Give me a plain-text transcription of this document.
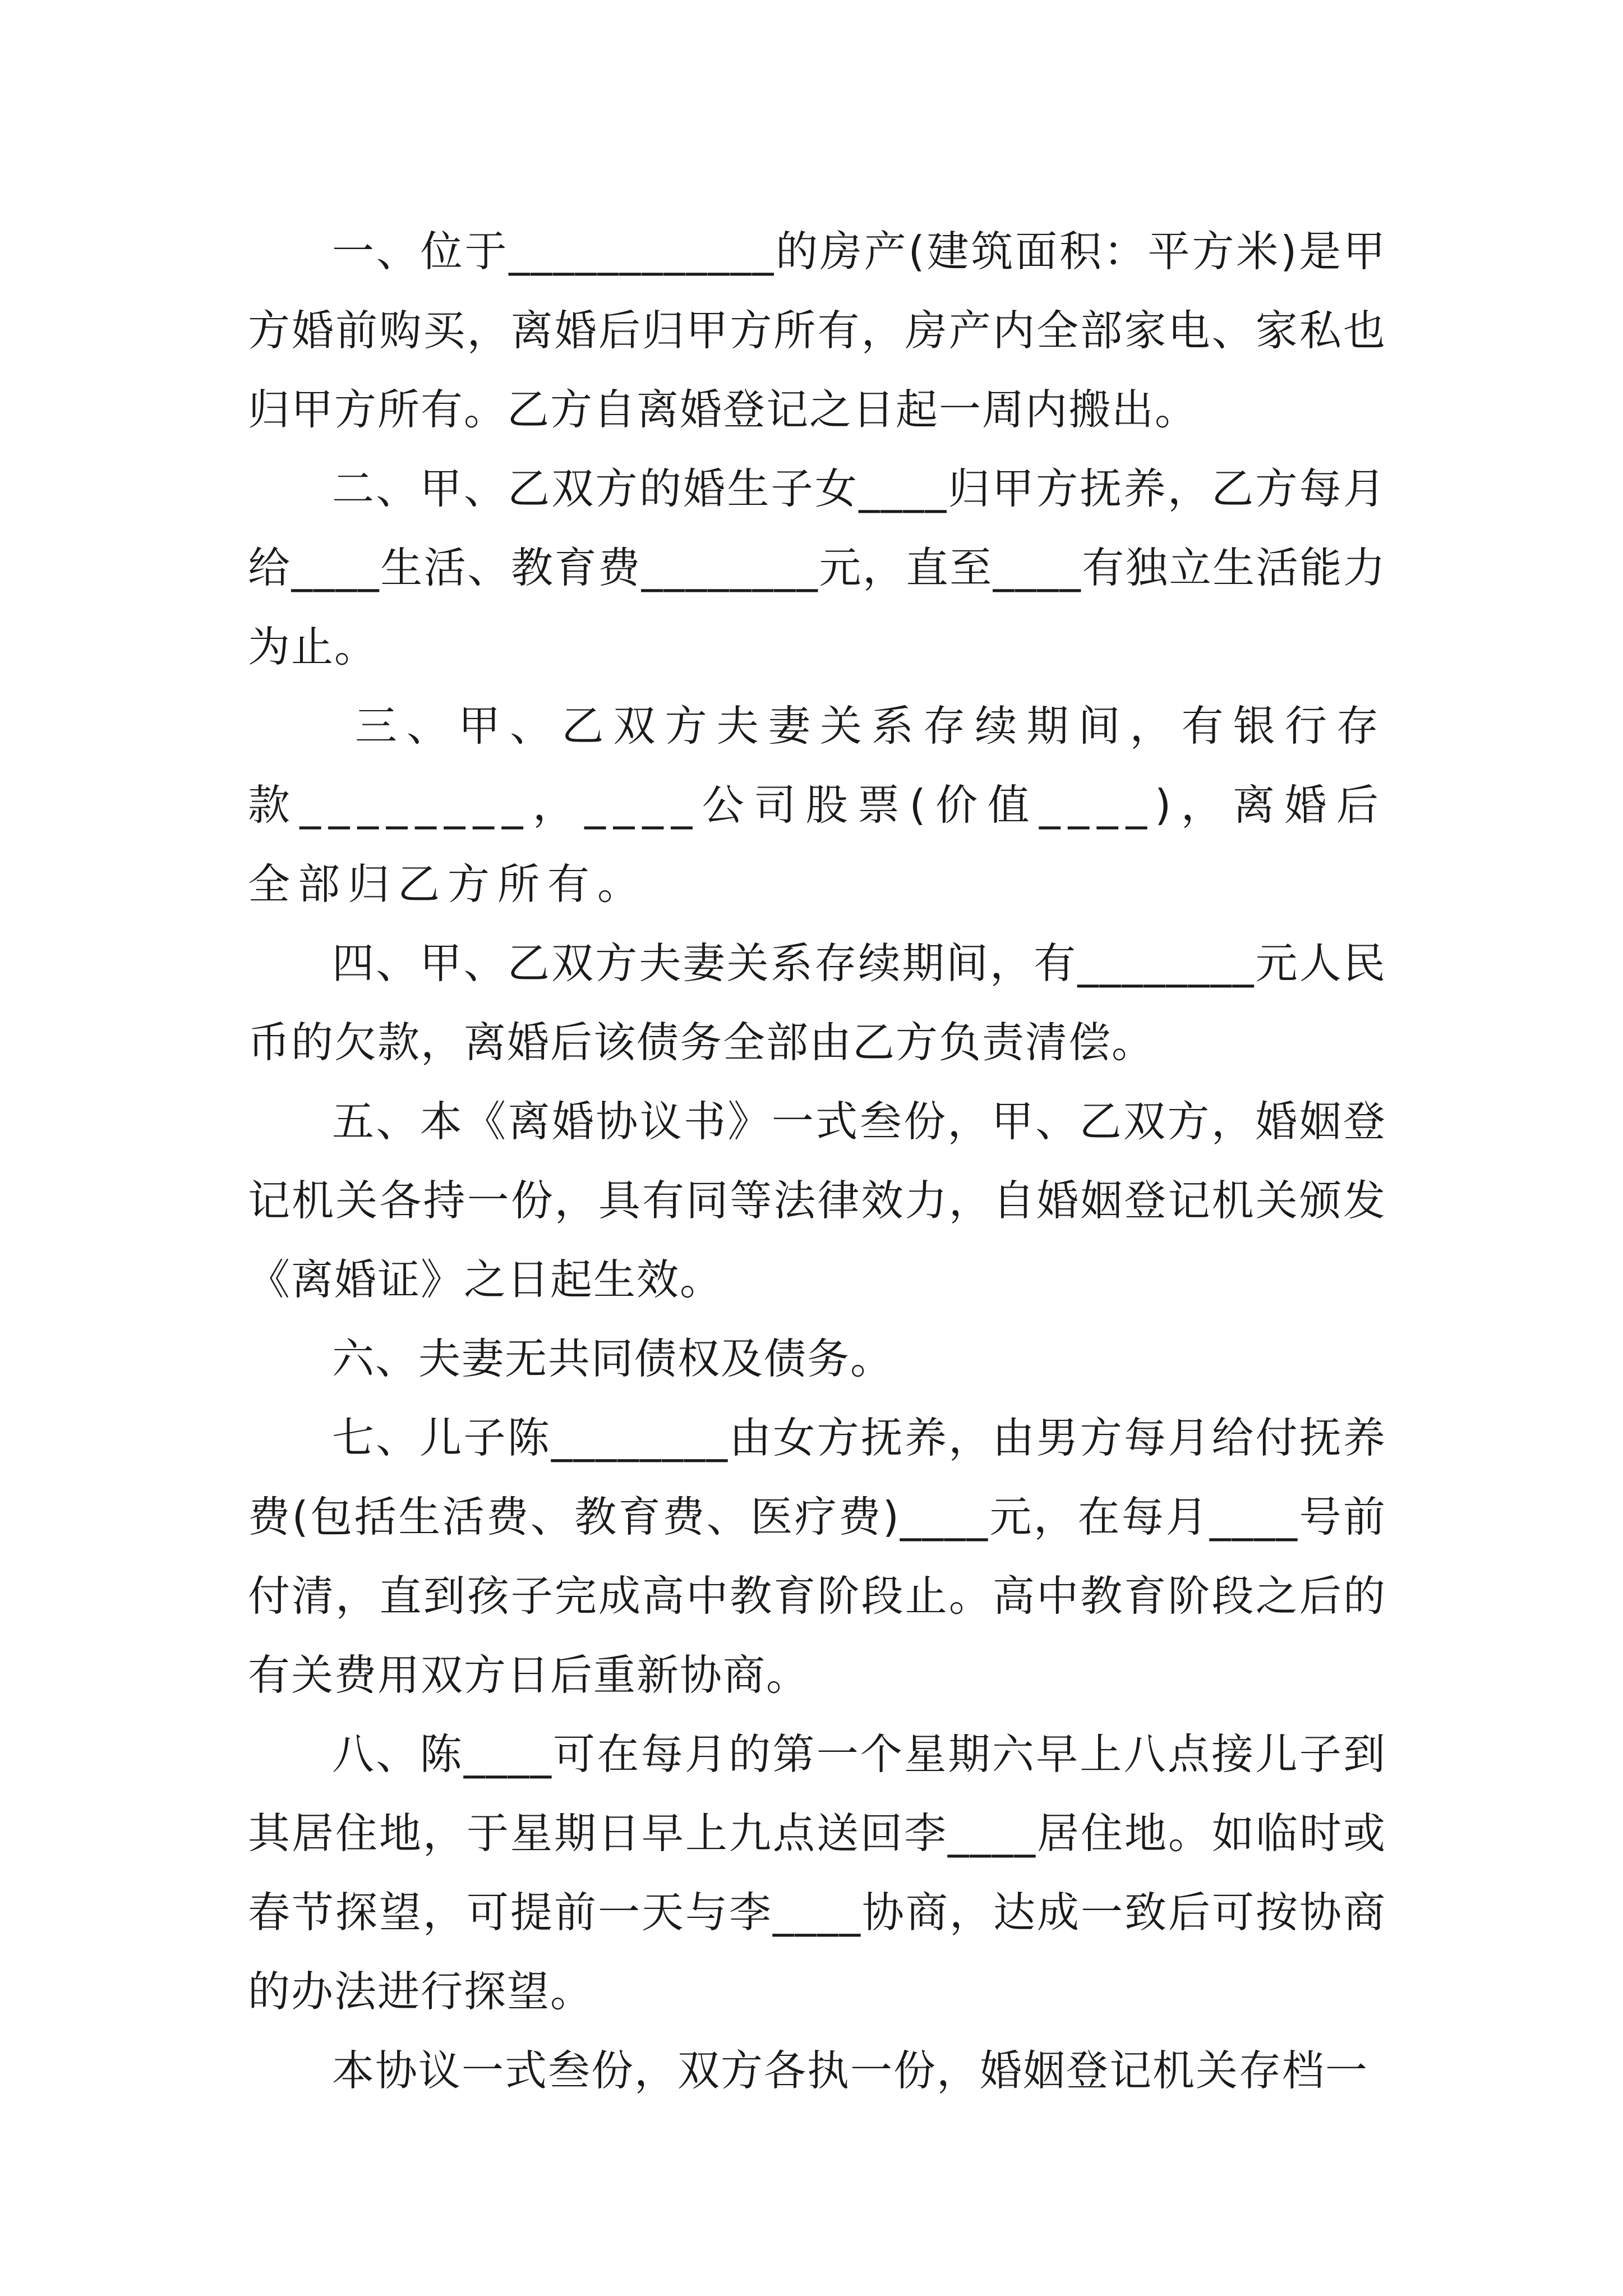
一、位于____________的房产(建筑面积：平方米)是甲方婚前购买，离婚后归甲方所有，房产内全部家电、家私也归甲方所有。乙方自离婚登记之日起一周内搬出。

二、甲、乙双方的婚生子女____归甲方抚养，乙方每月给____生活、教育费________元，直至____有独立生活能力为止。

三、甲、乙双方夫妻关系存续期间，有银行存款________，____公司股票(价值____)，离婚后全部归乙方所有。

四、甲、乙双方夫妻关系存续期间，有________元人民币的欠款，离婚后该债务全部由乙方负责清偿。

五、本《离婚协议书》一式叁份，甲、乙双方，婚姻登记机关各持一份，具有同等法律效力，自婚姻登记机关颁发《离婚证》之日起生效。

六、夫妻无共同债权及债务。

七、儿子陈________由女方抚养，由男方每月给付抚养费(包括生活费、教育费、医疗费)____元，在每月____号前付清，直到孩子完成高中教育阶段止。高中教育阶段之后的有关费用双方日后重新协商。

八、陈____可在每月的第一个星期六早上八点接儿子到其居住地，于星期日早上九点送回李____居住地。如临时或春节探望，可提前一天与李____协商，达成一致后可按协商的办法进行探望。

本协议一式叁份，双方各执一份，婚姻登记机关存档一
